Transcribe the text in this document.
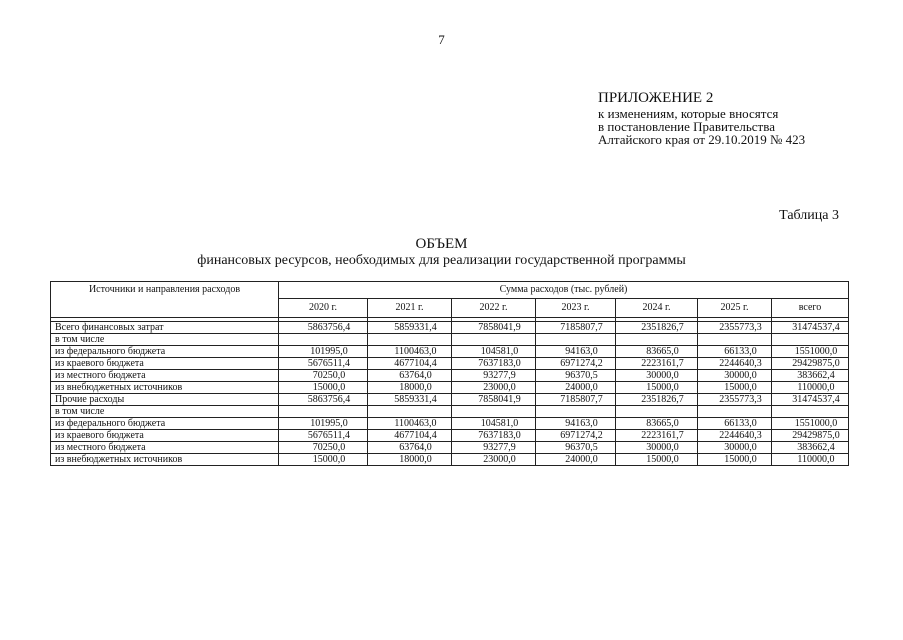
7
ПРИЛОЖЕНИЕ 2
к изменениям, которые вносятся
в постановление Правительства
Алтайского края от 29.10.2019 № 423
Таблица 3
ОБЪЕМ
финансовых ресурсов, необходимых для реализации государственной программы
Источники и направления расходов	Сумма расходов (тыс. рублей)						
	2020 г.	2021 г.	2022 г.	2023 г.	2024 г.	2025 г.	всего

Всего финансовых затрат	5863756,4	5859331,4	7858041,9	7185807,7	2351826,7	2355773,3	31474537,4
в том числе							
из федерального бюджета	101995,0	1100463,0	104581,0	94163,0	83665,0	66133,0	1551000,0
из краевого бюджета	5676511,4	4677104,4	7637183,0	6971274,2	2223161,7	2244640,3	29429875,0
из местного бюджета	70250,0	63764,0	93277,9	96370,5	30000,0	30000,0	383662,4
из внебюджетных источников	15000,0	18000,0	23000,0	24000,0	15000,0	15000,0	110000,0
Прочие расходы	5863756,4	5859331,4	7858041,9	7185807,7	2351826,7	2355773,3	31474537,4
в том числе							
из федерального бюджета	101995,0	1100463,0	104581,0	94163,0	83665,0	66133,0	1551000,0
из краевого бюджета	5676511,4	4677104,4	7637183,0	6971274,2	2223161,7	2244640,3	29429875,0
из местного бюджета	70250,0	63764,0	93277,9	96370,5	30000,0	30000,0	383662,4
из внебюджетных источников	15000,0	18000,0	23000,0	24000,0	15000,0	15000,0	110000,0
